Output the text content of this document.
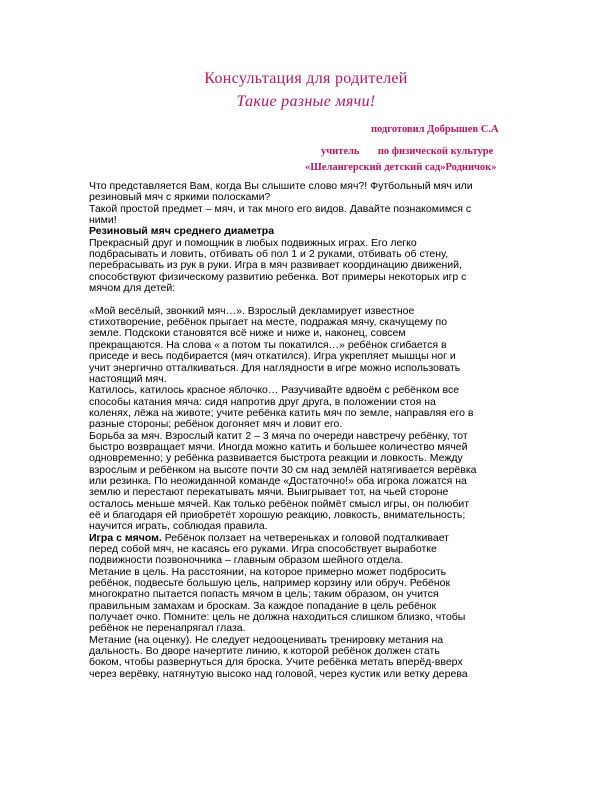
Консультация для родителей
Такие разные мячи!
подготовил Добрышев С.А
учитель       по физической культуре
«Шелангерский детский сад»Родничок»
Что представляется Вам, когда Вы слышите слово мяч?! Футбольный мяч или
резиновый мяч с яркими полосками?
Такой простой предмет – мяч, и так много его видов. Давайте познакомимся с
ними!
Резиновый мяч среднего диаметра
Прекрасный друг и помощник в любых подвижных играх. Его легко
подбрасывать и ловить, отбивать об пол 1 и 2 руками, отбивать об стену,
перебрасывать из рук в руки. Игра в мяч развивает координацию движений,
способствуют физическому развитию ребенка. Вот примеры некоторых игр с
мячом для детей:
«Мой весёлый, звонкий мяч…». Взрослый декламирует известное
стихотворение, ребёнок прыгает на месте, подражая мячу, скачущему по
земле. Подскоки становятся всё ниже и ниже и, наконец, совсем
прекращаются. На слова « а потом ты покатился…» ребёнок сгибается в
приседе и весь подбирается (мяч откатился). Игра укрепляет мышцы ног и
учит энергично отталкиваться. Для наглядности в игре можно использовать
настоящий мяч.
Катилось, катилось красное яблочко… Разучивайте вдвоём с ребёнком все
способы катания мяча: сидя напротив друг друга, в положении стоя на
коленях, лёжа на животе; учите ребёнка катить мяч по земле, направляя его в
разные стороны; ребёнок догоняет мяч и ловит его.
Борьба за мяч. Взрослый катит 2 – 3 мяча по очереди навстречу ребёнку, тот
быстро возвращает мячи. Иногда можно катить и большее количество мячей
одновременно; у ребёнка развивается быстрота реакции и ловкость. Между
взрослым и ребёнком на высоте почти 30 см над землёй натягивается верёвка
или резинка. По неожиданной команде «Достаточно!» оба игрока ложатся на
землю и перестают перекатывать мячи. Выигрывает тот, на чьей стороне
осталось меньше мячей. Как только ребёнок поймёт смысл игры, он полюбит
её и благодаря ей приобретёт хорошую реакцию, ловкость, внимательность;
научится играть, соблюдая правила.
Игра с мячом. Ребёнок ползает на четвереньках и головой подталкивает
перед собой мяч, не касаясь его руками. Игра способствует выработке
подвижности позвоночника – главным образом шейного отдела.
Метание в цель. На расстоянии, на которое примерно может подбросить
ребёнок, подвесьте большую цель, например корзину или обруч. Ребёнок
многократно пытается попасть мячом в цель; таким образом, он учится
правильным замахам и броскам. За каждое попадание в цель ребёнок
получает очко. Помните: цель не должна находиться слишком близко, чтобы
ребёнок не перенапрягал глаза.
Метание (на оценку). Не следует недооценивать тренировку метания на
дальность. Во дворе начертите линию, к которой ребёнок должен стать
боком, чтобы развернуться для броска. Учите ребёнка метать вперёд-вверх
через верёвку, натянутую высоко над головой, через кустик или ветку дерева
